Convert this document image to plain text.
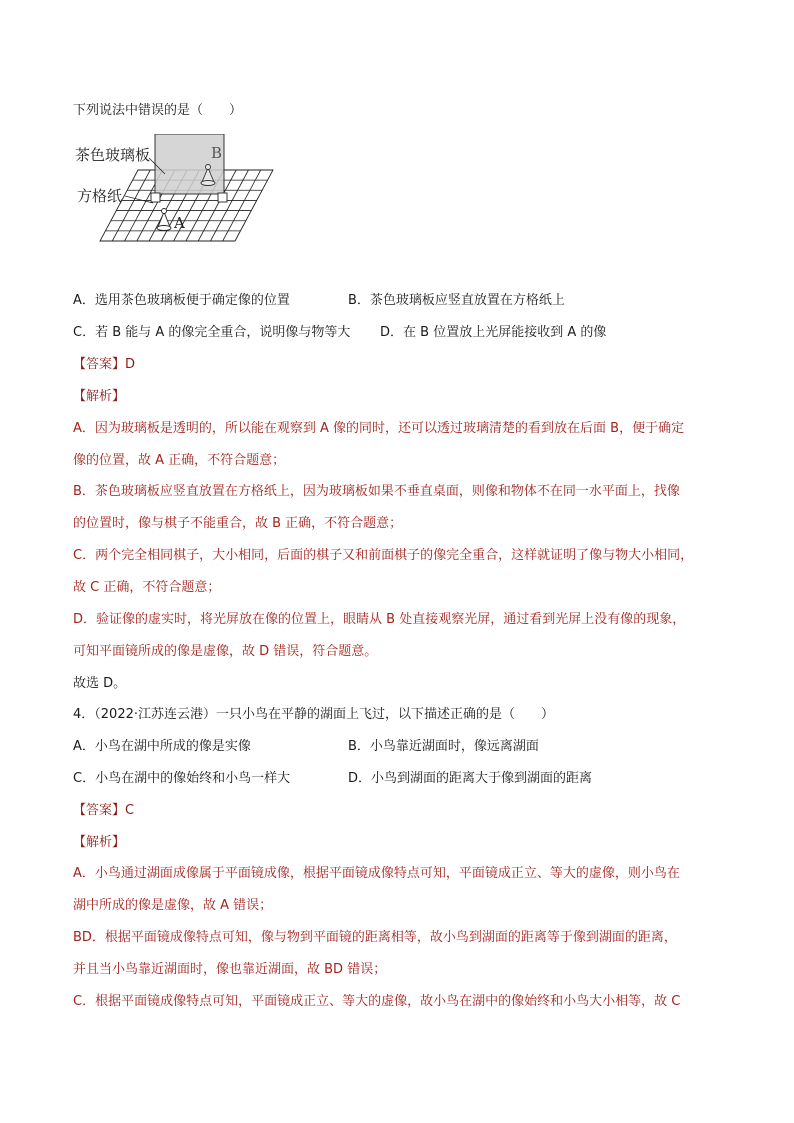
下列说法中错误的是（　　）
茶色玻璃板
方格纸
B
A
A．选用茶色玻璃板便于确定像的位置	B．茶色玻璃板应竖直放置在方格纸上
C．若 B 能与 A 的像完全重合，说明像与物等大 D．在 B 位置放上光屏能接收到 A 的像
【答案】D
【解析】
A．因为玻璃板是透明的，所以能在观察到 A 像的同时，还可以透过玻璃清楚的看到放在后面 B，便于确定
像的位置，故 A 正确，不符合题意；
B．茶色玻璃板应竖直放置在方格纸上，因为玻璃板如果不垂直桌面，则像和物体不在同一水平面上，找像
的位置时，像与棋子不能重合，故 B 正确，不符合题意；
C．两个完全相同棋子，大小相同，后面的棋子又和前面棋子的像完全重合，这样就证明了像与物大小相同，
故 C 正确，不符合题意；
D．验证像的虚实时，将光屏放在像的位置上，眼睛从 B 处直接观察光屏，通过看到光屏上没有像的现象，
可知平面镜所成的像是虚像，故 D 错误，符合题意。
故选 D。
4．（2022·江苏连云港）一只小鸟在平静的湖面上飞过，以下描述正确的是（　　）
A．小鸟在湖中所成的像是实像	B．小鸟靠近湖面时，像远离湖面
C．小鸟在湖中的像始终和小鸟一样大	D．小鸟到湖面的距离大于像到湖面的距离
【答案】C
【解析】
A．小鸟通过湖面成像属于平面镜成像，根据平面镜成像特点可知，平面镜成正立、等大的虚像，则小鸟在
湖中所成的像是虚像，故 A 错误；
BD．根据平面镜成像特点可知，像与物到平面镜的距离相等，故小鸟到湖面的距离等于像到湖面的距离，
并且当小鸟靠近湖面时，像也靠近湖面，故 BD 错误；
C．根据平面镜成像特点可知，平面镜成正立、等大的虚像，故小鸟在湖中的像始终和小鸟大小相等，故 C
